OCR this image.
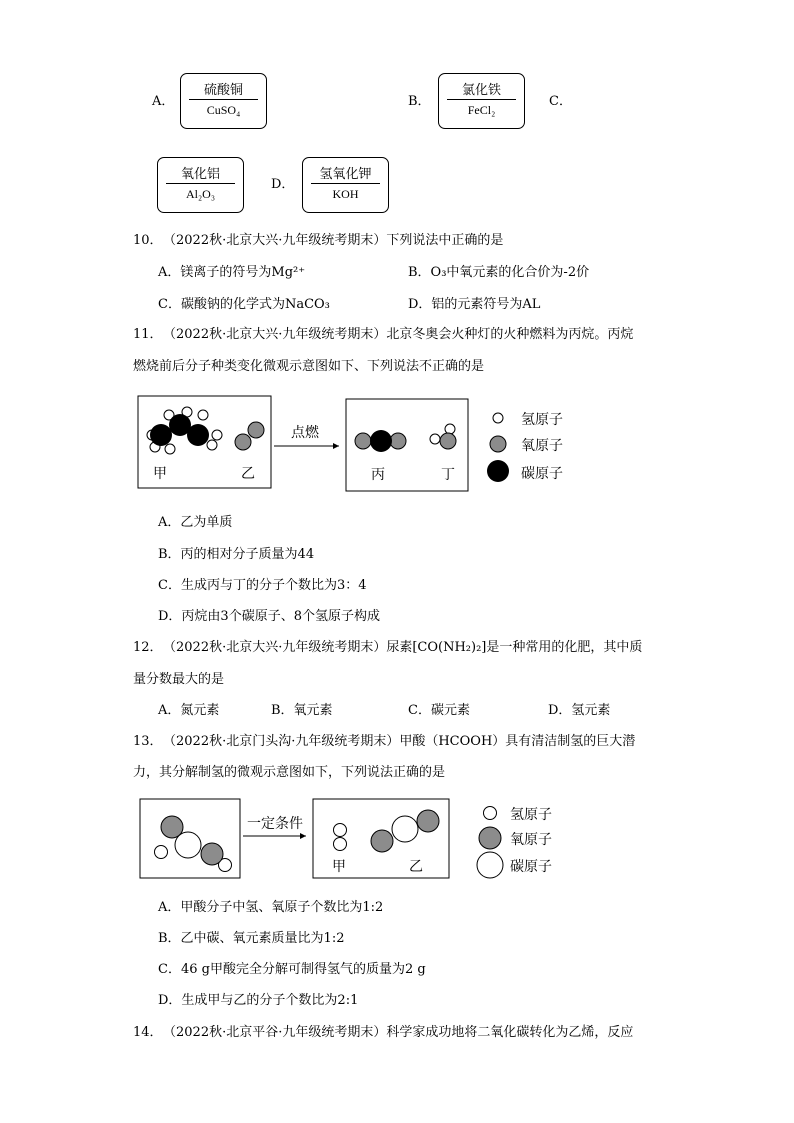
A．
硫酸铜
CuSO₄
B．
氯化铁
FeCl₂
C．
氧化铝
Al₂O₃
D．
氢氧化钾
KOH
10． （2022秋·北京大兴·九年级统考期末）下列说法中正确的是
A．镁离子的符号为Mg²⁺	B．O₃中氧元素的化合价为-2价
C．碳酸钠的化学式为NaCO₃	D．铝的元素符号为AL
11． （2022秋·北京大兴·九年级统考期末）北京冬奥会火种灯的火种燃料为丙烷。丙烷
燃烧前后分子种类变化微观示意图如下、下列说法不正确的是
甲	乙
点燃
丙	丁
氢原子
氧原子
碳原子
A．乙为单质
B．丙的相对分子质量为44
C．生成丙与丁的分子个数比为3：4
D．丙烷由3个碳原子、8个氢原子构成
12． （2022秋·北京大兴·九年级统考期末）尿素[CO(NH₂)₂]是一种常用的化肥，其中质
量分数最大的是
A．氮元素	B．氧元素	C．碳元素	D．氢元素
13． （2022秋·北京门头沟·九年级统考期末）甲酸（HCOOH）具有清洁制氢的巨大潜
力，其分解制氢的微观示意图如下，下列说法正确的是
一定条件
甲	乙
氢原子
氧原子
碳原子
A．甲酸分子中氢、氧原子个数比为1:2
B．乙中碳、氧元素质量比为1:2
C．46 g甲酸完全分解可制得氢气的质量为2 g
D．生成甲与乙的分子个数比为2:1
14． （2022秋·北京平谷·九年级统考期末）科学家成功地将二氧化碳转化为乙烯，反应
